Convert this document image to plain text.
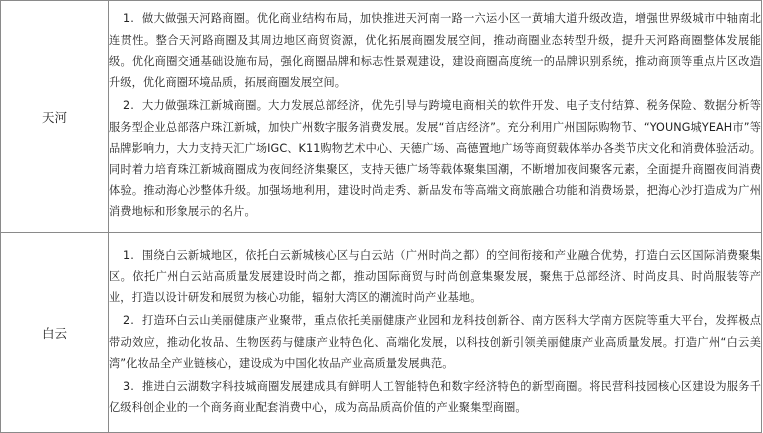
天河	1. 做大做强天河路商圈。优化商业结构布局，加快推进天河南一路一六运小区一黄埔大道升级改造，增强世界级城市中轴南北连贯性。整合天河路商圈及其周边地区商贸资源，优化拓展商圈发展空间，推动商圈业态转型升级，提升天河路商圈整体发展能级。优化商圈交通基础设施布局，强化商圈品牌和标志性景观建设，建设商圈高度统一的品牌识别系统，推动商顶等重点片区改造升级，优化商圈环境品质，拓展商圈发展空间。

2. 大力做强珠江新城商圈。大力发展总部经济，优先引导与跨境电商相关的软件开发、电子支付结算、税务保险、数据分析等服务型企业总部落户珠江新城，加快广州数字服务消费发展。发展“首店经济”。充分利用广州国际购物节、“YOUNG城YEAH市”等品牌影响力，大力支持天汇广场IGC、K11购物艺术中心、天德广场、高德置地广场等商贸载体举办各类节庆文化和消费体验活动。同时着力培育珠江新城商圈成为夜间经济集聚区，支持天德广场等载体聚集国潮，不断增加夜间聚客元素，全面提升商圈夜间消费体验。推动海心沙整体升级。加强场地利用，建设时尚走秀、新品发布等高端文商旅融合功能和消费场景，把海心沙打造成为广州消费地标和形象展示的名片。

白云	1. 围绕白云新城地区，依托白云新城核心区与白云站（广州时尚之都）的空间衔接和产业融合优势，打造白云区国际消费聚集区。依托广州白云站高质量发展建设时尚之都，推动国际商贸与时尚创意集聚发展，聚焦于总部经济、时尚皮具、时尚服装等产业，打造以设计研发和展贸为核心功能，辐射大湾区的潮流时尚产业基地。

2. 打造环白云山美丽健康产业聚带，重点依托美丽健康产业园和龙科技创新谷、南方医科大学南方医院等重大平台，发挥极点带动效应，推动化妆品、生物医药与健康产业特色化、高端化发展，以科技创新引领美丽健康产业高质量发展。打造广州“白云美湾”化妆品全产业链核心，建设成为中国化妆品产业高质量发展典范。

3. 推进白云湖数字科技城商圈发展建成具有鲜明人工智能特色和数字经济特色的新型商圈。将民营科技园核心区建设为服务千亿级科创企业的一个商务商业配套消费中心，成为高品质高价值的产业聚集型商圈。
